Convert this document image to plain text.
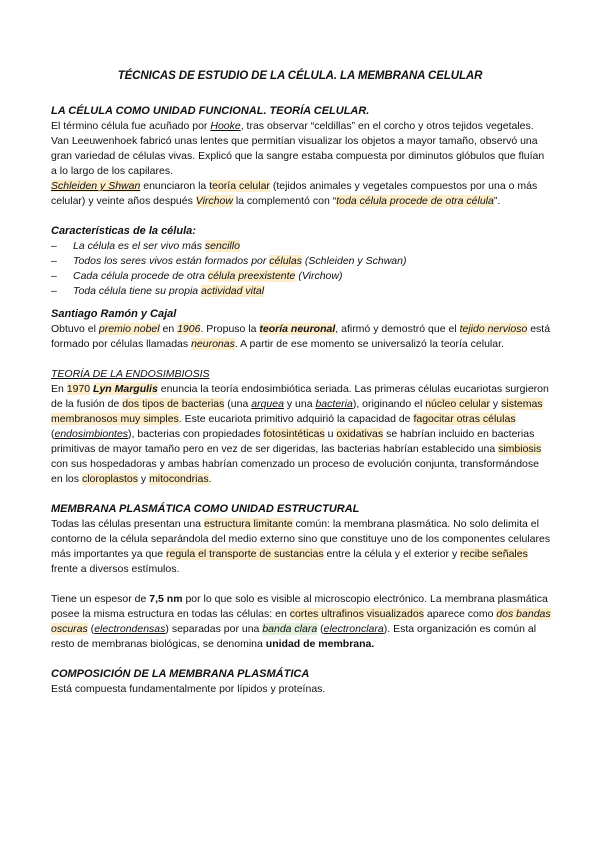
TÉCNICAS DE ESTUDIO DE LA CÉLULA. LA MEMBRANA CELULAR

LA CÉLULA COMO UNIDAD FUNCIONAL. TEORÍA CELULAR.

El término célula fue acuñado por Hooke, tras observar “celdillas” en el corcho y otros tejidos vegetales. Van Leeuwenhoek fabricó unas lentes que permitían visualizar los objetos a mayor tamaño, observó una gran variedad de células vivas. Explicó que la sangre estaba compuesta por diminutos glóbulos que fluían a lo largo de los capilares.

Schleiden y Shwan enunciaron la teoría celular (tejidos animales y vegetales compuestos por una o más celular) y veinte años después Virchow la complementó con “toda célula procede de otra célula”.

Características de la célula:

– La célula es el ser vivo más sencillo
– Todos los seres vivos están formados por células (Schleiden y Schwan)
– Cada célula procede de otra célula preexistente (Virchow)
– Toda célula tiene su propia actividad vital

Santiago Ramón y Cajal

Obtuvo el premio nobel en 1906. Propuso la teoría neuronal, afirmó y demostró que el tejido nervioso está formado por células llamadas neuronas. A partir de ese momento se universalizó la teoría celular.

TEORÍA DE LA ENDOSIMBIOSIS

En 1970 Lyn Margulis enuncia la teoría endosimbiótica seriada. Las primeras células eucariotas surgieron de la fusión de dos tipos de bacterias (una arquea y una bacteria), originando el núcleo celular y sistemas membranosos muy simples. Este eucariota primitivo adquirió la capacidad de fagocitar otras células (endosimbiontes), bacterias con propiedades fotosintéticas u oxidativas se habrían incluido en bacterias primitivas de mayor tamaño pero en vez de ser digeridas, las bacterias habrían establecido una simbiosis con sus hospedadoras y ambas habrían comenzado un proceso de evolución conjunta, transformándose en los cloroplastos y mitocondrias.

MEMBRANA PLASMÁTICA COMO UNIDAD ESTRUCTURAL

Todas las células presentan una estructura limitante común: la membrana plasmática. No solo delimita el contorno de la célula separándola del medio externo sino que constituye uno de los componentes celulares más importantes ya que regula el transporte de sustancias entre la célula y el exterior y recibe señales frente a diversos estímulos.

Tiene un espesor de 7,5 nm por lo que solo es visible al microscopio electrónico. La membrana plasmática posee la misma estructura en todas las células: en cortes ultrafinos visualizados aparece como dos bandas oscuras (electrondensas) separadas por una banda clara (electronclara). Esta organización es común al resto de membranas biológicas, se denomina unidad de membrana.

COMPOSICIÓN DE LA MEMBRANA PLASMÁTICA

Está compuesta fundamentalmente por lípidos y proteínas.
